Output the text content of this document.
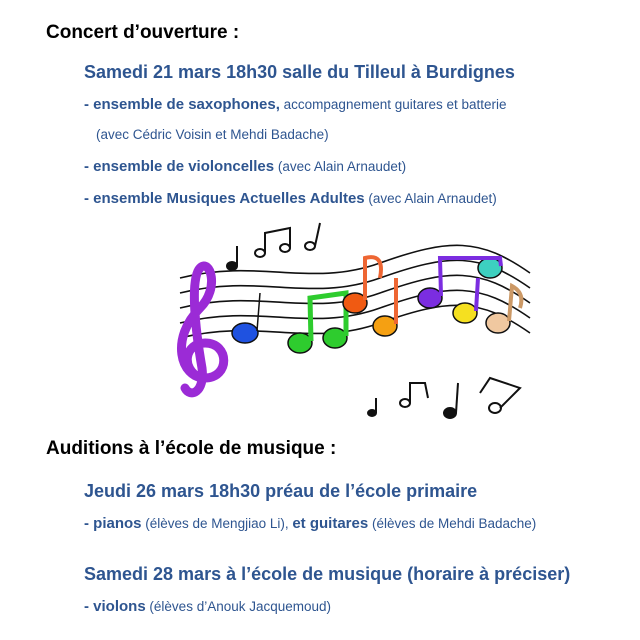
Concert d’ouverture :
Samedi 21 mars 18h30 salle du Tilleul à Burdignes
- ensemble de saxophones, accompagnement guitares et batterie
(avec Cédric Voisin et Mehdi Badache)
- ensemble de violoncelles (avec Alain Arnaudet)
- ensemble Musiques Actuelles Adultes (avec Alain Arnaudet)
Auditions à l’école de musique :
Jeudi 26 mars 18h30 préau de l’école primaire
- pianos (élèves de Mengjiao Li), et guitares (élèves de Mehdi Badache)
Samedi 28 mars à l’école de musique (horaire à préciser)
- violons (élèves d’Anouk Jacquemoud)
